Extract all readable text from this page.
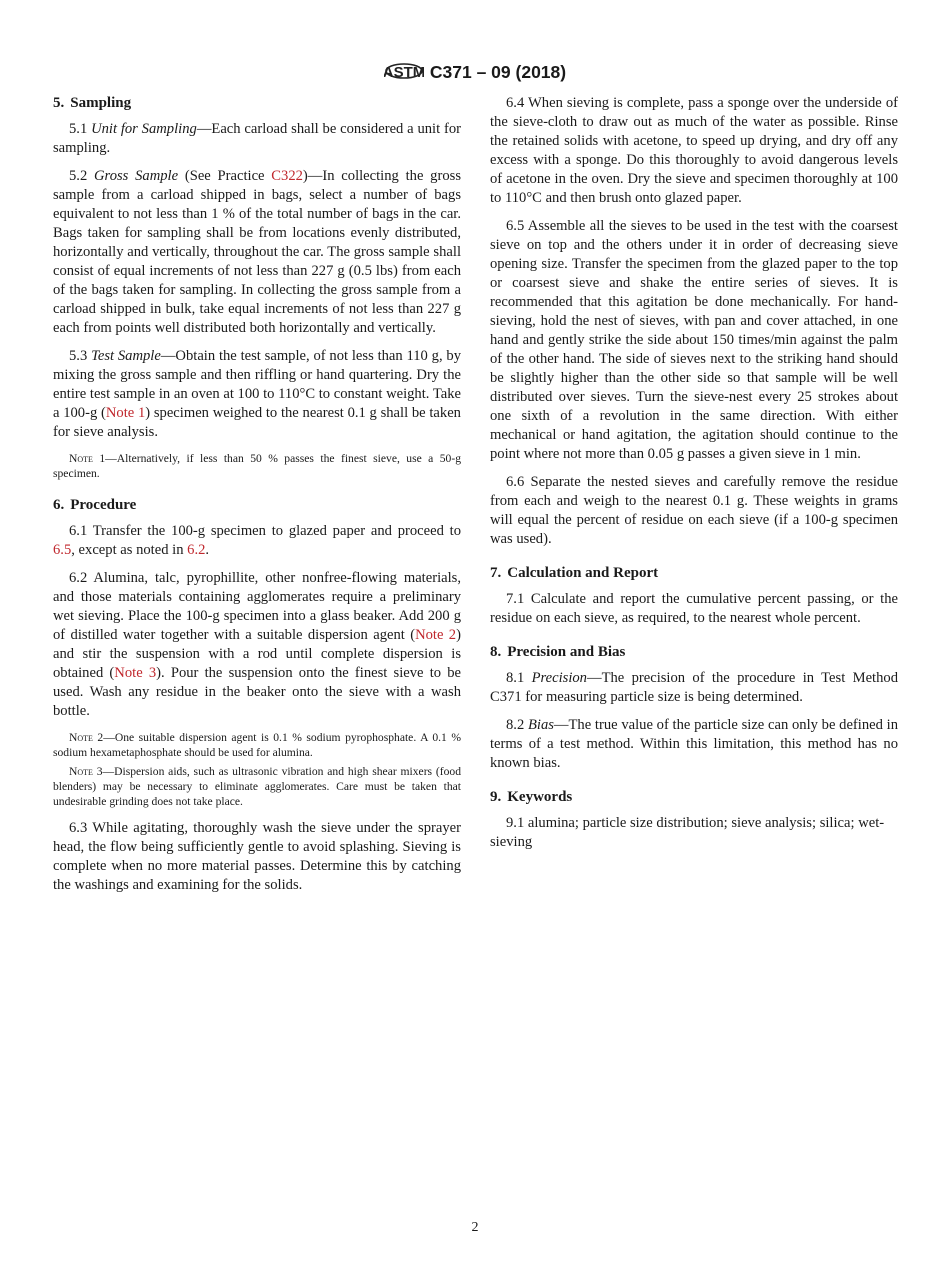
ASTM C371 – 09 (2018)
5. Sampling

5.1 Unit for Sampling—Each carload shall be considered a unit for sampling.

5.2 Gross Sample (See Practice C322)—In collecting the gross sample from a carload shipped in bags, select a number of bags equivalent to not less than 1 % of the total number of bags in the car. Bags taken for sampling shall be from locations evenly distributed, horizontally and vertically, throughout the car. The gross sample shall consist of equal increments of not less than 227 g (0.5 lbs) from each of the bags taken for sampling. In collecting the gross sample from a carload shipped in bulk, take equal increments of not less than 227 g each from points well distributed both horizontally and vertically.

5.3 Test Sample—Obtain the test sample, of not less than 110 g, by mixing the gross sample and then riffling or hand quartering. Dry the entire test sample in an oven at 100 to 110°C to constant weight. Take a 100-g (Note 1) specimen weighed to the nearest 0.1 g shall be taken for sieve analysis.

Note 1—Alternatively, if less than 50 % passes the finest sieve, use a 50-g specimen.

6. Procedure

6.1 Transfer the 100-g specimen to glazed paper and proceed to 6.5, except as noted in 6.2.

6.2 Alumina, talc, pyrophillite, other nonfree-flowing materials, and those materials containing agglomerates require a preliminary wet sieving. Place the 100-g specimen into a glass beaker. Add 200 g of distilled water together with a suitable dispersion agent (Note 2) and stir the suspension with a rod until complete dispersion is obtained (Note 3). Pour the suspension onto the finest sieve to be used. Wash any residue in the beaker onto the sieve with a wash bottle.

Note 2—One suitable dispersion agent is 0.1 % sodium pyrophosphate. A 0.1 % sodium hexametaphosphate should be used for alumina.

Note 3—Dispersion aids, such as ultrasonic vibration and high shear mixers (food blenders) may be necessary to eliminate agglomerates. Care must be taken that undesirable grinding does not take place.

6.3 While agitating, thoroughly wash the sieve under the sprayer head, the flow being sufficiently gentle to avoid splashing. Sieving is complete when no more material passes. Determine this by catching the washings and examining for the solids.

6.4 When sieving is complete, pass a sponge over the underside of the sieve-cloth to draw out as much of the water as possible. Rinse the retained solids with acetone, to speed up drying, and dry off any excess with a sponge. Do this thoroughly to avoid dangerous levels of acetone in the oven. Dry the sieve and specimen thoroughly at 100 to 110°C and then brush onto glazed paper.

6.5 Assemble all the sieves to be used in the test with the coarsest sieve on top and the others under it in order of decreasing sieve opening size. Transfer the specimen from the glazed paper to the top or coarsest sieve and shake the entire series of sieves. It is recommended that this agitation be done mechanically. For hand-sieving, hold the nest of sieves, with pan and cover attached, in one hand and gently strike the side about 150 times/min against the palm of the other hand. The side of sieves next to the striking hand should be slightly higher than the other side so that sample will be well distributed over sieves. Turn the sieve-nest every 25 strokes about one sixth of a revolution in the same direction. With either mechanical or hand agitation, the agitation should continue to the point where not more than 0.05 g passes a given sieve in 1 min.

6.6 Separate the nested sieves and carefully remove the residue from each and weigh to the nearest 0.1 g. These weights in grams will equal the percent of residue on each sieve (if a 100-g specimen was used).

7. Calculation and Report

7.1 Calculate and report the cumulative percent passing, or the residue on each sieve, as required, to the nearest whole percent.

8. Precision and Bias

8.1 Precision—The precision of the procedure in Test Method C371 for measuring particle size is being determined.

8.2 Bias—The true value of the particle size can only be defined in terms of a test method. Within this limitation, this method has no known bias.

9. Keywords

9.1 alumina; particle size distribution; sieve analysis; silica; wet-sieving

2
